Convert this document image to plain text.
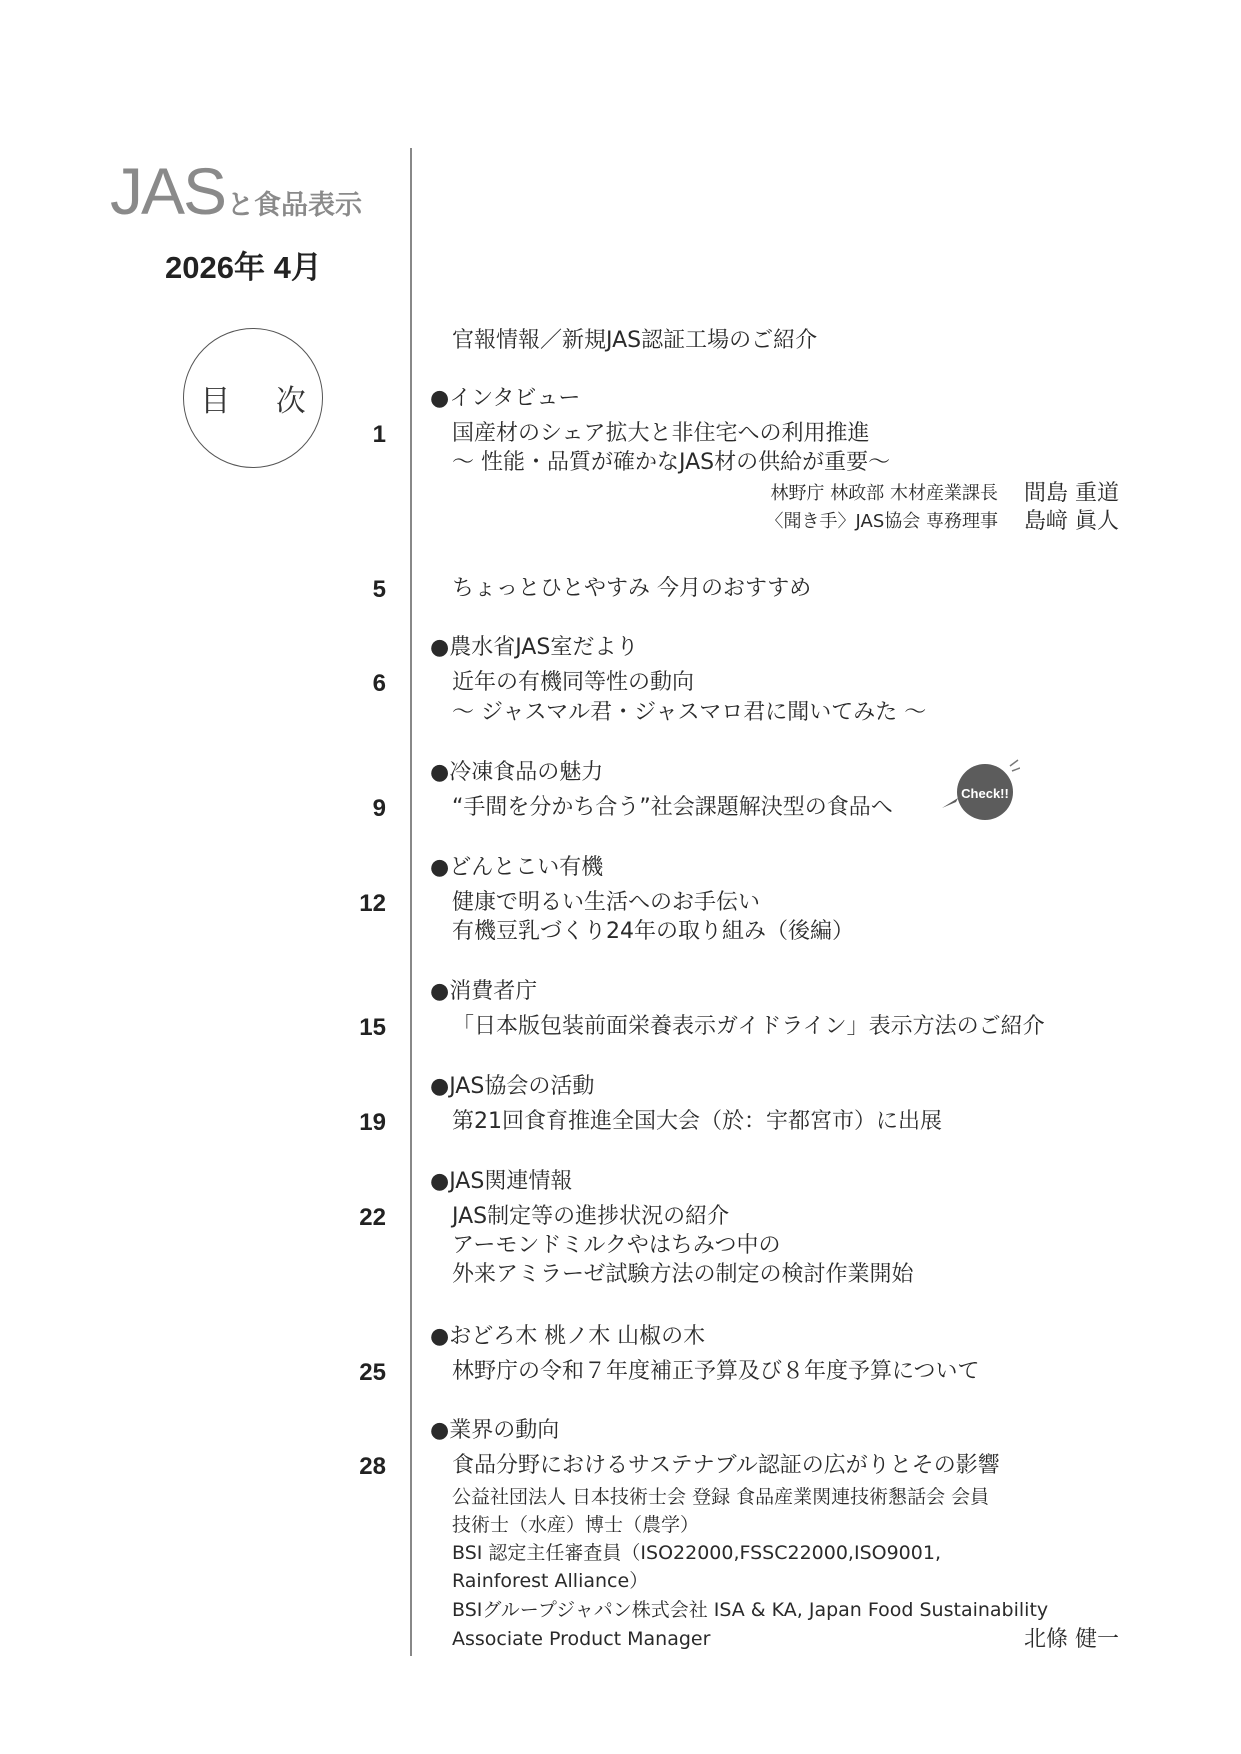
JASと食品表示
2026年 4月
目 次
官報情報／新規JAS認証工場のご紹介
●インタビュー
1	国産材のシェア拡大と非住宅への利用推進
～ 性能・品質が確かなJAS材の供給が重要～
林野庁 林政部 木材産業課長 間島 重道
〈聞き手〉JAS協会 専務理事 島﨑 眞人
5	ちょっとひとやすみ 今月のおすすめ
●農水省JAS室だより
6	近年の有機同等性の動向
～ ジャスマル君・ジャスマロ君に聞いてみた ～
●冷凍食品の魅力
9	“手間を分かち合う”社会課題解決型の食品へ
Check!!
●どんとこい有機
12	健康で明るい生活へのお手伝い
有機豆乳づくり24年の取り組み（後編）
●消費者庁
15	「日本版包装前面栄養表示ガイドライン」表示方法のご紹介
●JAS協会の活動
19	第21回食育推進全国大会（於：宇都宮市）に出展
●JAS関連情報
22	JAS制定等の進捗状況の紹介
アーモンドミルクやはちみつ中の
外来アミラーゼ試験方法の制定の検討作業開始
●おどろ木 桃ノ木 山椒の木
25	林野庁の令和７年度補正予算及び８年度予算について
●業界の動向
28	食品分野におけるサステナブル認証の広がりとその影響
公益社団法人 日本技術士会 登録 食品産業関連技術懇話会 会員
技術士（水産）博士（農学）
BSI 認定主任審査員（ISO22000,FSSC22000,ISO9001,
Rainforest Alliance）
BSIグループジャパン株式会社 ISA & KA, Japan Food Sustainability
Associate Product Manager	北條 健一
